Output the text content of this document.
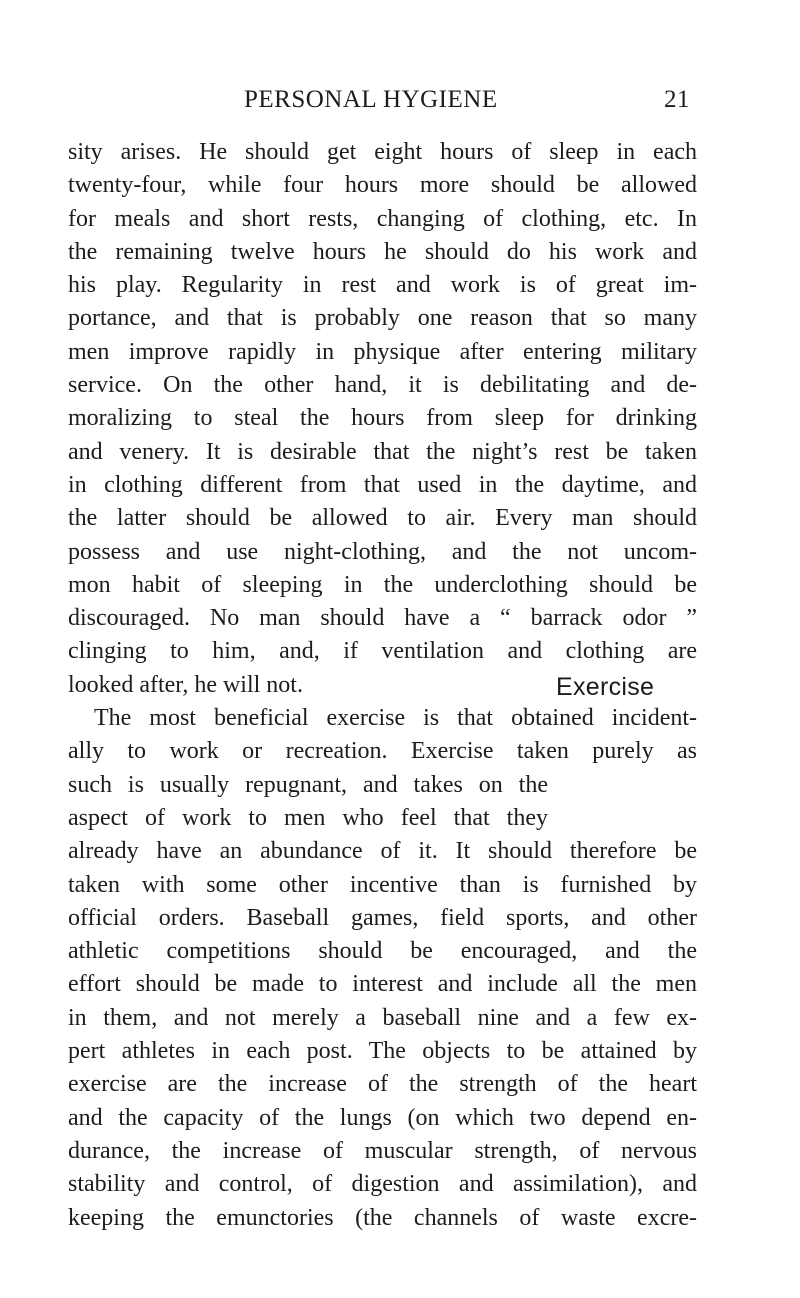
PERSONAL HYGIENE	21
sity arises. He should get eight hours of sleep in each
twenty-four, while four hours more should be allowed
for meals and short rests, changing of clothing, etc. In
the remaining twelve hours he should do his work and
his play. Regularity in rest and work is of great im-
portance, and that is probably one reason that so many
men improve rapidly in physique after entering military
service. On the other hand, it is debilitating and de-
moralizing to steal the hours from sleep for drinking
and venery. It is desirable that the night’s rest be taken
in clothing different from that used in the daytime, and
the latter should be allowed to air. Every man should
possess and use night-clothing, and the not uncom-
mon habit of sleeping in the underclothing should be
discouraged. No man should have a “ barrack odor ”
clinging to him, and, if ventilation and clothing are
looked after, he will not.
The most beneficial exercise is that obtained incident-
ally to work or recreation. Exercise taken purely as
such is usually repugnant, and takes on the
aspect of work to men who feel that they
already have an abundance of it. It should therefore be
taken with some other incentive than is furnished by
official orders. Baseball games, field sports, and other
athletic competitions should be encouraged, and the
effort should be made to interest and include all the men
in them, and not merely a baseball nine and a few ex-
pert athletes in each post. The objects to be attained by
exercise are the increase of the strength of the heart
and the capacity of the lungs (on which two depend en-
durance, the increase of muscular strength, of nervous
stability and control, of digestion and assimilation), and
keeping the emunctories (the channels of waste excre-
Exercise
